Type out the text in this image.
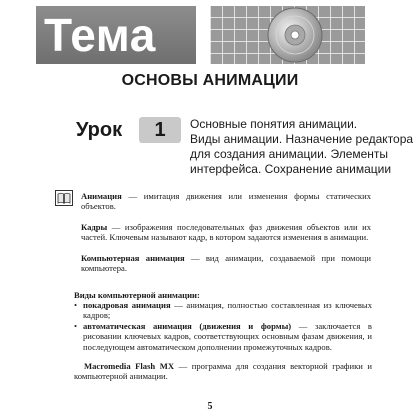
Тема
ОСНОВЫ АНИМАЦИИ
Урок	1	Основные понятия анимации.
Виды анимации. Назначение редактора
для создания анимации. Элементы
интерфейса. Сохранение анимации

Анимация — имитация движения или изменения формы статических объектов.

Кадры — изображения последовательных фаз движения объектов или их частей. Ключевым называют кадр, в котором задаются изменения в анимации.

Компьютерная анимация — вид анимации, создаваемой при помощи компьютера.

Виды компьютерной анимации:

• покадровая анимация — анимация, полностью составленная из ключевых кадров;
• автоматическая анимация (движения и формы) — заключается в рисовании ключевых кадров, соответствующих основным фазам движения, и последующем автоматическом дополнении промежуточных кадров.

Macromedia Flash MX — программа для создания векторной графики и компьютерной анимации.

5
